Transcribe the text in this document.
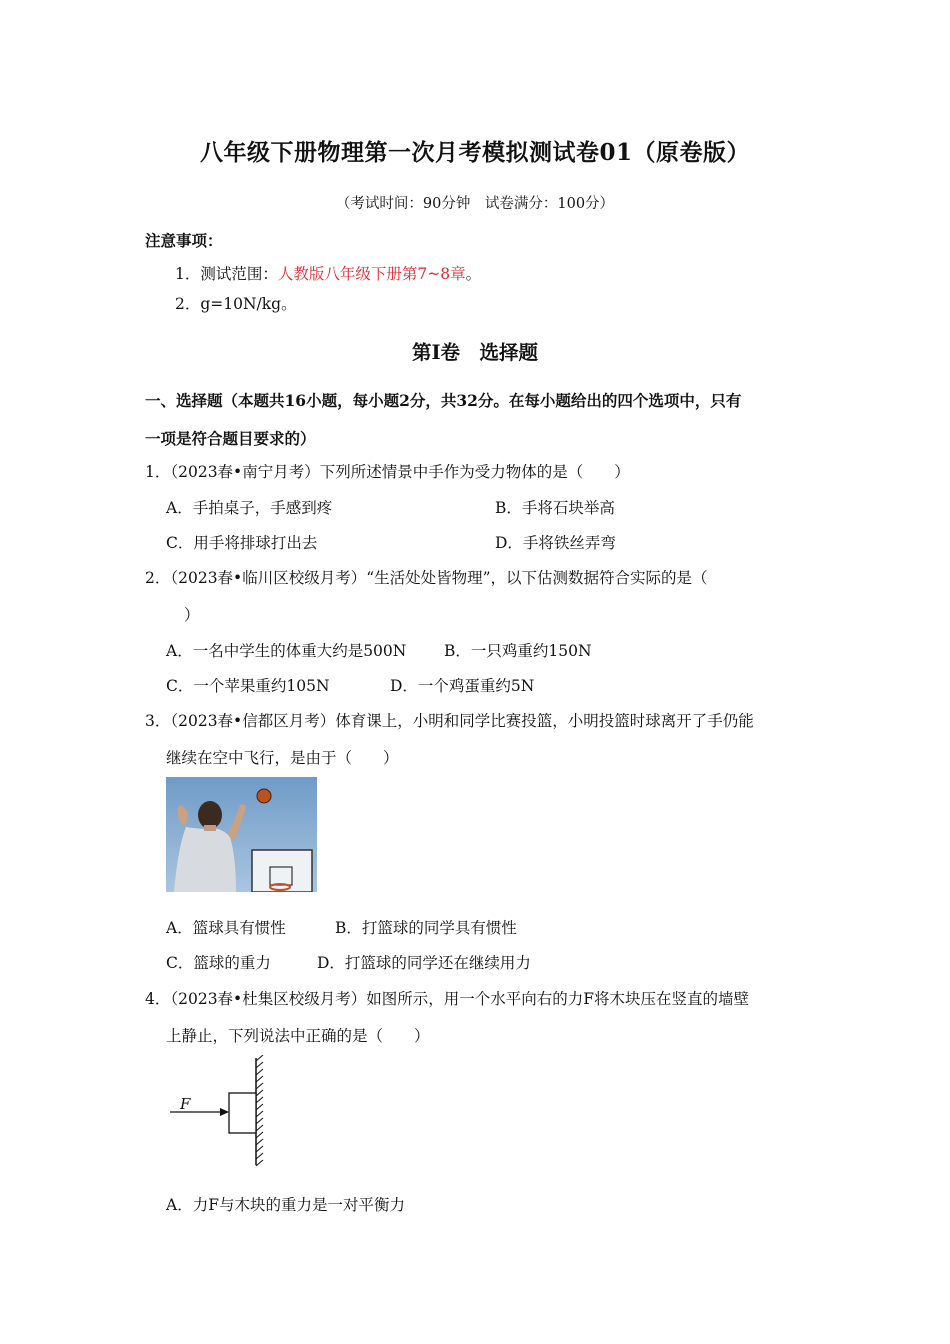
八年级下册物理第一次月考模拟测试卷01（原卷版）
（考试时间：90分钟　试卷满分：100分）
注意事项：
1．测试范围：人教版八年级下册第7~8章。
2．g=10N/kg。
第Ⅰ卷　选择题
一、选择题（本题共16小题，每小题2分，共32分。在每小题给出的四个选项中，只有
一项是符合题目要求的）
1．（2023春•南宁月考）下列所述情景中手作为受力物体的是（　　）
A．手拍桌子，手感到疼	B．手将石块举高
C．用手将排球打出去	D．手将铁丝弄弯
2．（2023春•临川区校级月考）“生活处处皆物理”，以下估测数据符合实际的是（
）
A．一名中学生的体重大约是500N B．一只鸡重约150N
C．一个苹果重约105N	D．一个鸡蛋重约5N
3．（2023春•信都区月考）体育课上，小明和同学比赛投篮，小明投篮时球离开了手仍能
继续在空中飞行，是由于（　　）
A．篮球具有惯性	B．打篮球的同学具有惯性
C．篮球的重力	D．打篮球的同学还在继续用力
4．（2023春•杜集区校级月考）如图所示，用一个水平向右的力F将木块压在竖直的墙壁
上静止，下列说法中正确的是（　　）
F
A．力F与木块的重力是一对平衡力
